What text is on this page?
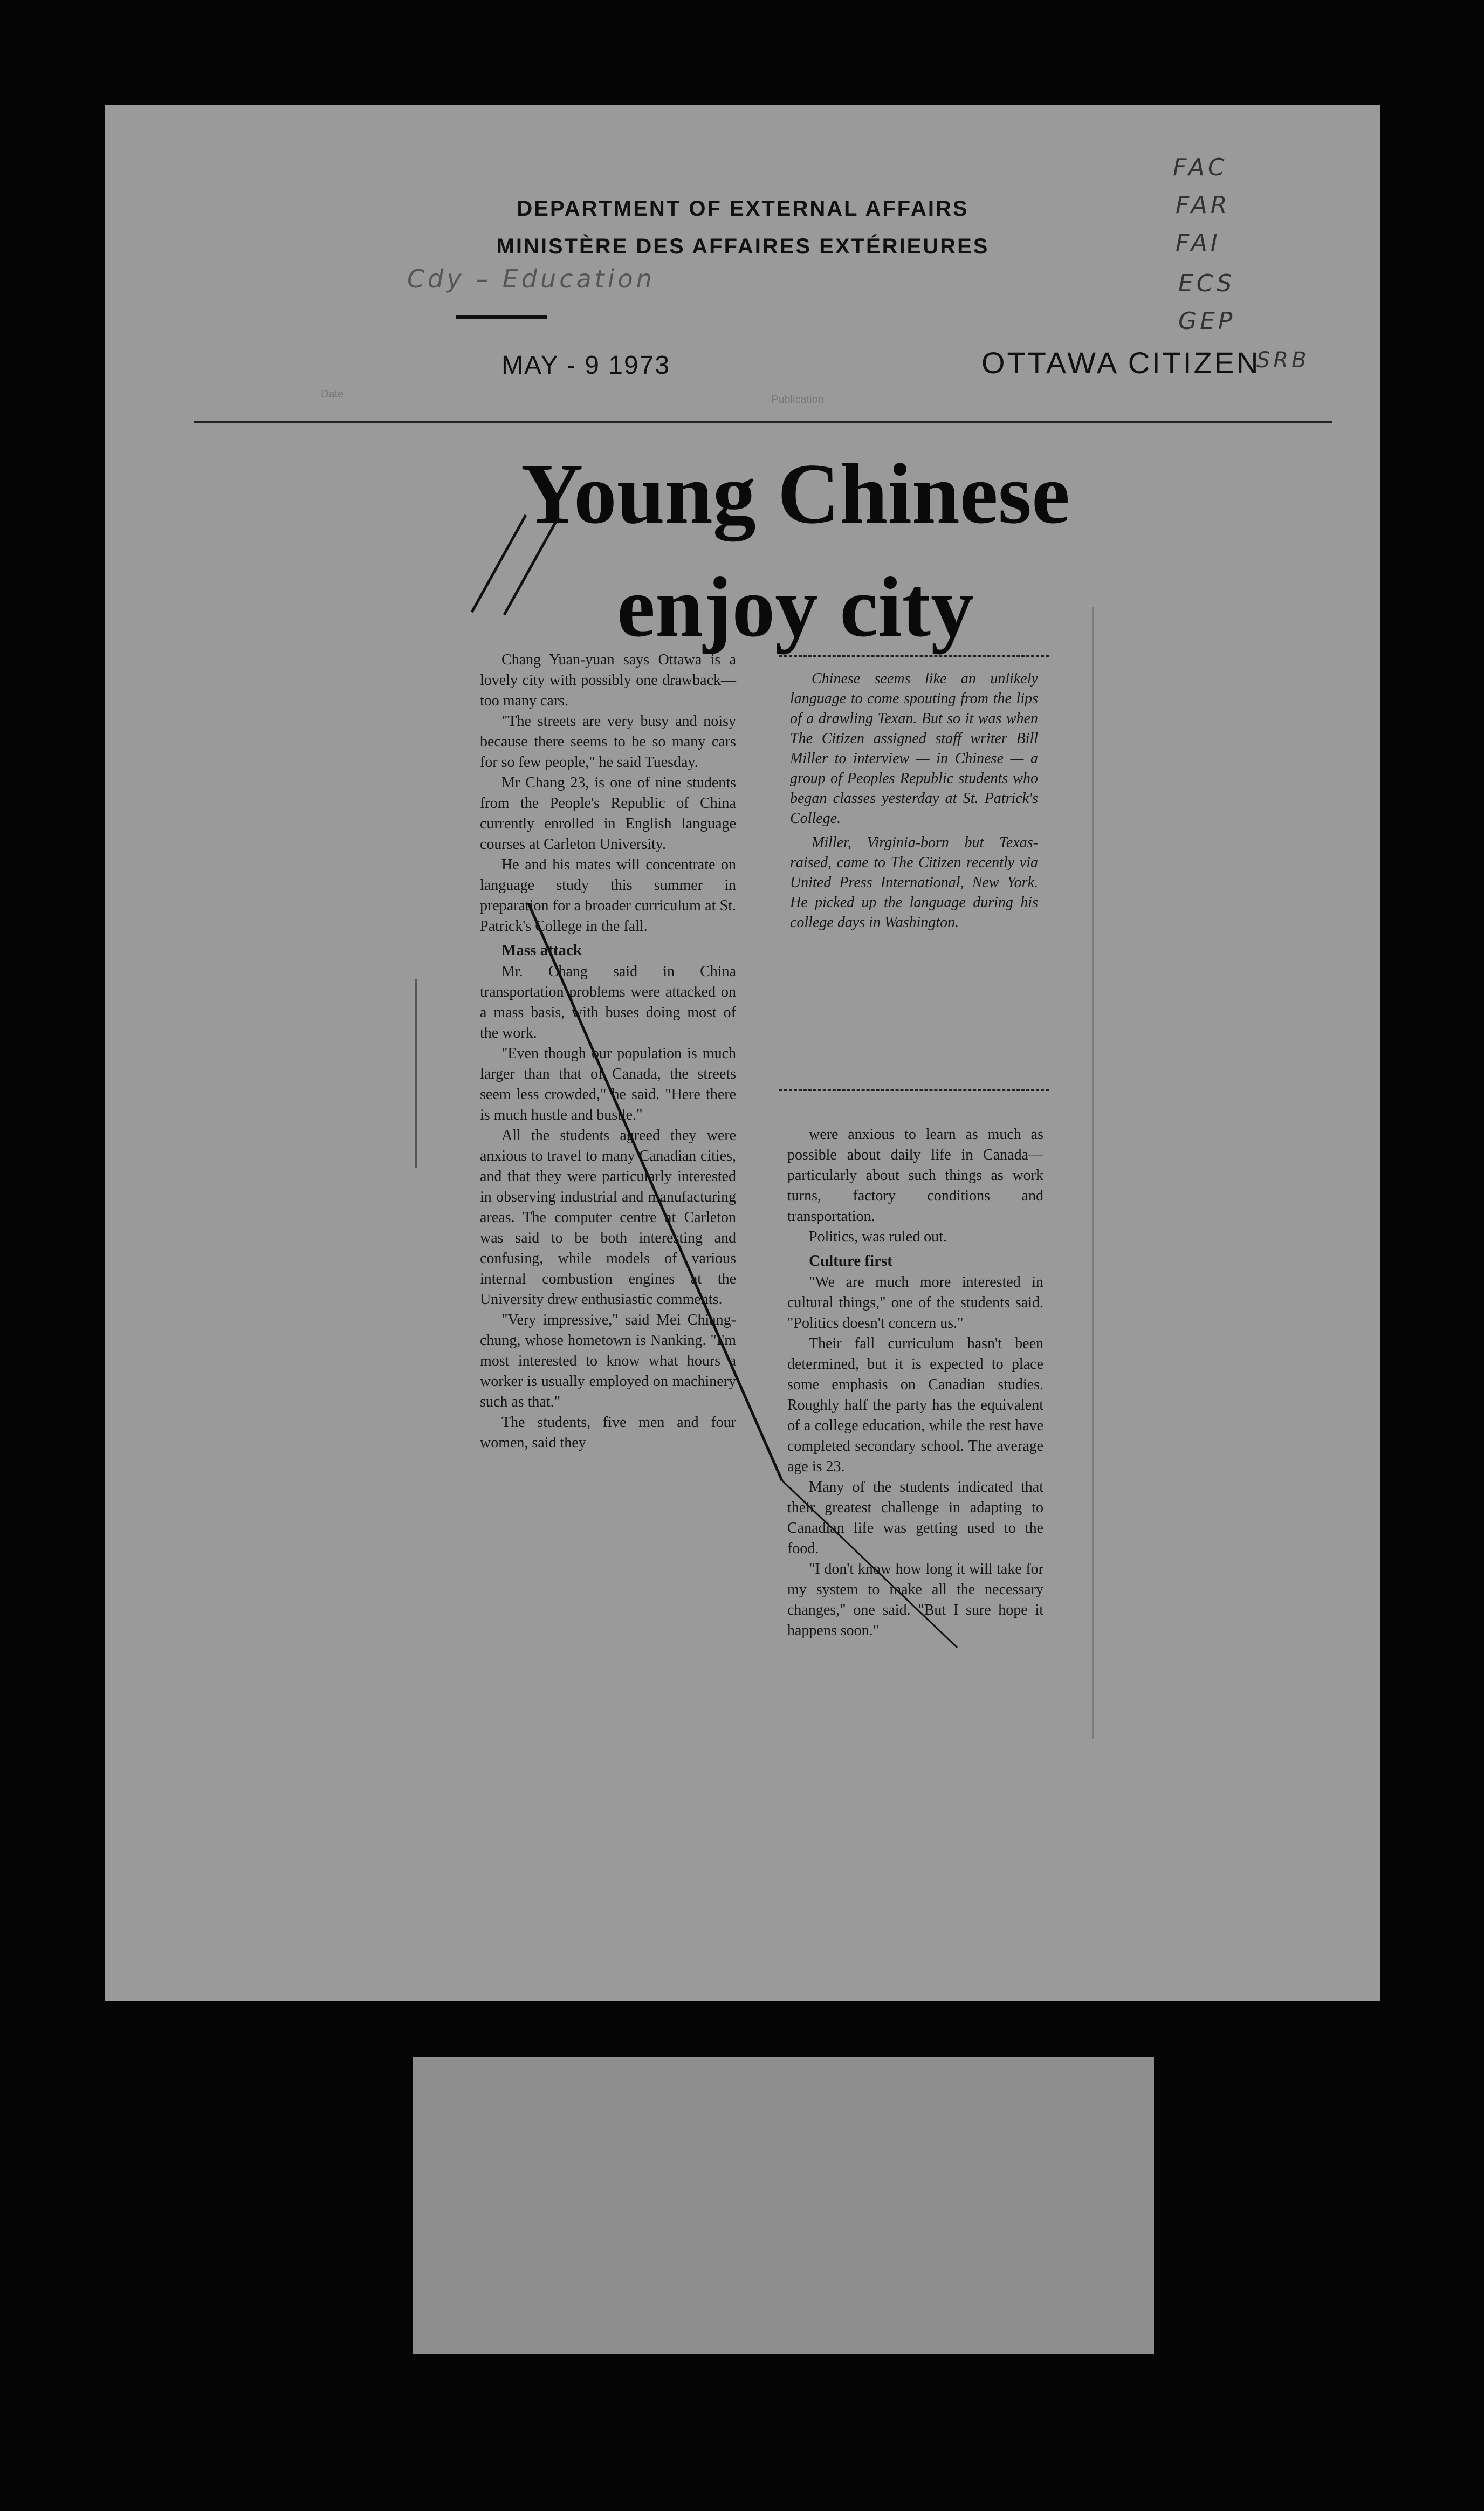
DEPARTMENT OF EXTERNAL AFFAIRS
MINISTÈRE DES AFFAIRES EXTÉRIEURES
Cdy – Education
Date	Publication
MAY - 9 1973	OTTAWA CITIZEN
FAC
FAR
FAI
ECS
GEP
SRB
Young Chinese
enjoy city

Chang Yuan-yuan says Ottawa is a lovely city with possibly one drawback—too many cars.

"The streets are very busy and noisy because there seems to be so many cars for so few people," he said Tuesday.

Mr Chang 23, is one of nine students from the People's Republic of China currently enrolled in English language courses at Carleton University.

He and his mates will concentrate on language study this summer in preparation for a broader curriculum at St. Patrick's College in the fall.

Mass attack

Mr. Chang said in China transportation problems were attacked on a mass basis, with buses doing most of the work.

"Even though our population is much larger than that of Canada, the streets seem less crowded," he said. "Here there is much hustle and bustle."

All the students agreed they were anxious to travel to many Canadian cities, and that they were particularly interested in observing industrial and manufacturing areas. The computer centre at Carleton was said to be both interesting and confusing, while models of various internal combustion engines at the University drew enthusiastic comments.

"Very impressive," said Mei Chiang-chung, whose hometown is Nanking. "I'm most interested to know what hours a worker is usually employed on machinery such as that."

The students, five men and four women, said they

Chinese seems like an unlikely language to come spouting from the lips of a drawling Texan. But so it was when The Citizen assigned staff writer Bill Miller to interview — in Chinese — a group of Peoples Republic students who began classes yesterday at St. Patrick's College.

Miller, Virginia-born but Texas-raised, came to The Citizen recently via United Press International, New York. He picked up the language during his college days in Washington.

were anxious to learn as much as possible about daily life in Canada—particularly about such things as work turns, factory conditions and transportation.

Politics, was ruled out.

Culture first

"We are much more interested in cultural things," one of the students said. "Politics doesn't concern us."

Their fall curriculum hasn't been determined, but it is expected to place some emphasis on Canadian studies. Roughly half the party has the equivalent of a college education, while the rest have completed secondary school. The average age is 23.

Many of the students indicated that their greatest challenge in adapting to Canadian life was getting used to the food.

"I don't know how long it will take for my system to make all the necessary changes," one said. "But I sure hope it happens soon."
